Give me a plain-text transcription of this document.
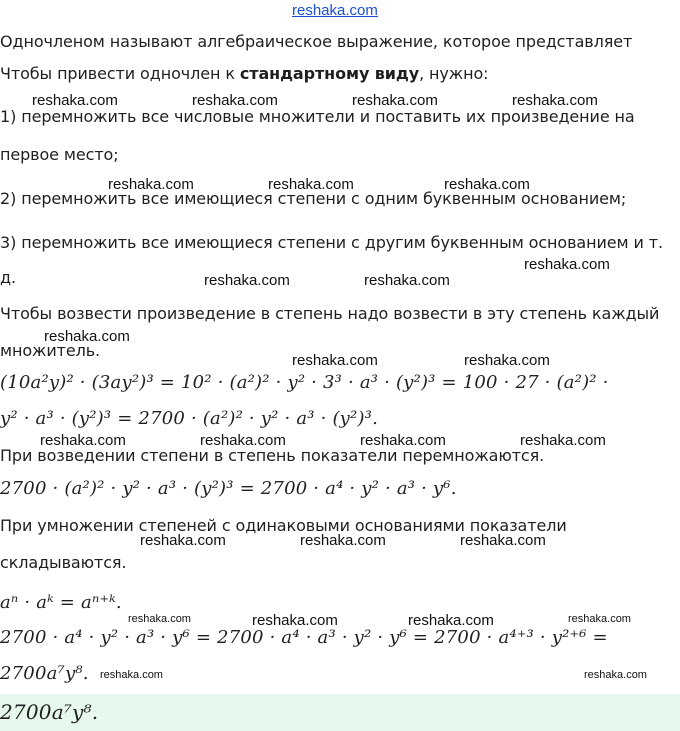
reshaka.com
Одночленом называют алгебраическое выражение, которое представляет
Чтобы привести одночлен к стандартному виду, нужно:
1) перемножить все числовые множители и поставить их произведение на
первое место;
2) перемножить все имеющиеся степени с одним буквенным основанием;
3) перемножить все имеющиеся степени с другим буквенным основанием и т.
д.
Чтобы возвести произведение в степень надо возвести в эту степень каждый
множитель.
(10a²y)² · (3ay²)³ = 10² · (a²)² · y² · 3³ · a³ · (y²)³ = 100 · 27 · (a²)² ·
y² · a³ · (y²)³ = 2700 · (a²)² · y² · a³ · (y²)³.
При возведении степени в степень показатели перемножаются.
2700 · (a²)² · y² · a³ · (y²)³ = 2700 · a⁴ · y² · a³ · y⁶.
При умножении степеней с одинаковыми основаниями показатели
складываются.
aⁿ · aᵏ = aⁿ⁺ᵏ.
2700 · a⁴ · y² · a³ · y⁶ = 2700 · a⁴ · a³ · y² · y⁶ = 2700 · a⁴⁺³ · y²⁺⁶ =
2700a⁷y⁸.
2700a⁷y⁸.
reshaka.com	reshaka.com	reshaka.com	reshaka.com
reshaka.com	reshaka.com	reshaka.com
reshaka.com
reshaka.com	reshaka.com
reshaka.com
reshaka.com	reshaka.com
reshaka.com	reshaka.com	reshaka.com	reshaka.com
reshaka.com	reshaka.com	reshaka.com
reshaka.com	reshaka.com	reshaka.com	reshaka.com
reshaka.com	reshaka.com
